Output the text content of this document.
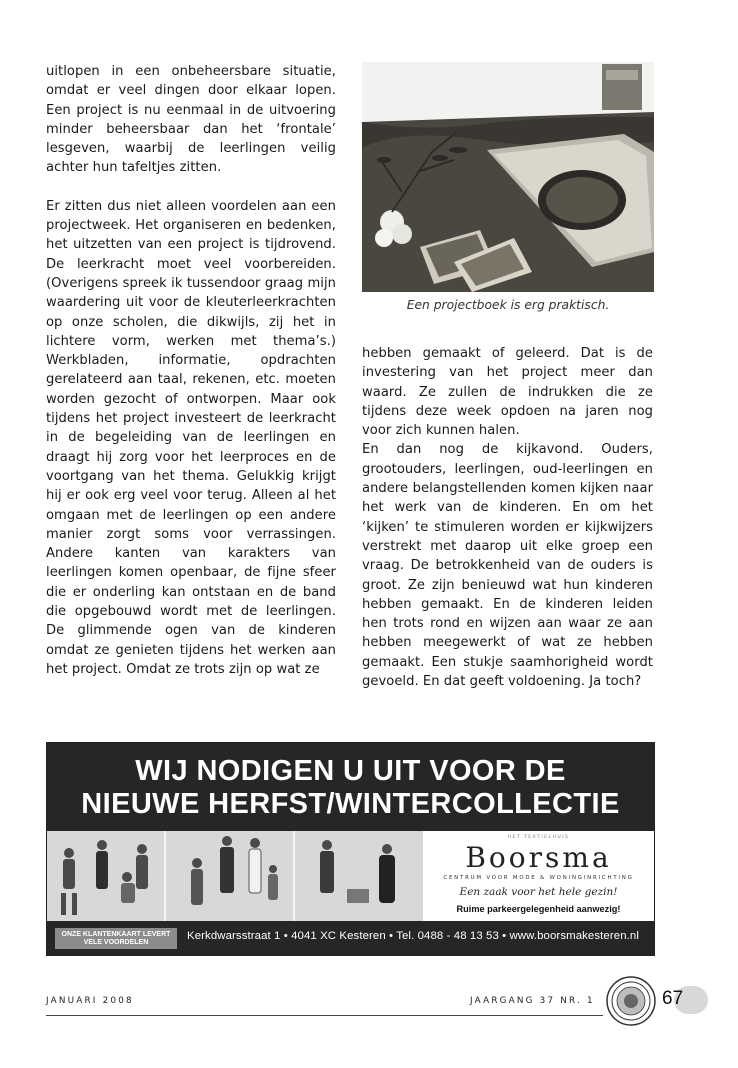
uitlopen in een onbeheersbare situatie, omdat er veel dingen door elkaar lopen. Een project is nu eenmaal in de uitvoering minder beheersbaar dan het ‘frontale’ lesgeven, waarbij de leerlingen veilig achter hun tafeltjes zitten.

Er zitten dus niet alleen voordelen aan een projectweek. Het organiseren en bedenken, het uitzetten van een project is tijdrovend. De leerkracht moet veel voorbereiden. (Overigens spreek ik tussendoor graag mijn waardering uit voor de kleuterleerkrachten op onze scholen, die dikwijls, zij het in lichtere vorm, werken met thema’s.) Werkbladen, informatie, opdrachten gerelateerd aan taal, rekenen, etc. moeten worden gezocht of ontworpen. Maar ook tijdens het project investeert de leerkracht in de begeleiding van de leerlingen en draagt hij zorg voor het leerproces en de voortgang van het thema. Gelukkig krijgt hij er ook erg veel voor terug. Alleen al het omgaan met de leerlingen op een andere manier zorgt soms voor verrassingen. Andere kanten van karakters van leerlingen komen openbaar, de fijne sfeer die er onderling kan ontstaan en de band die opgebouwd wordt met de leerlingen. De glimmende ogen van de kinderen omdat ze genieten tijdens het werken aan het project. Omdat ze trots zijn op wat ze

Een projectboek is erg praktisch.

hebben gemaakt of geleerd. Dat is de investering van het project meer dan waard. Ze zullen de indrukken die ze tijdens deze week opdoen na jaren nog voor zich kunnen halen.

En dan nog de kijkavond. Ouders, grootouders, leerlingen, oud-leerlingen en andere belangstellenden komen kijken naar het werk van de kinderen. En om het ‘kijken’ te stimuleren worden er kijkwijzers verstrekt met daarop uit elke groep een vraag. De betrokkenheid van de ouders is groot. Ze zijn benieuwd wat hun kinderen hebben gemaakt. En de kinderen leiden hen trots rond en wijzen aan waar ze aan hebben meegewerkt of wat ze hebben gemaakt. Een stukje saamhorigheid wordt gevoeld. En dat geeft voldoening. Ja toch?

WIJ NODIGEN U UIT VOOR DE
NIEUWE HERFST/WINTERCOLLECTIE
HET TEXTIELHUIS
Boorsma
CENTRUM VOOR MODE & WONINGINRICHTING
Een zaak voor het hele gezin!
Ruime parkeergelegenheid aanwezig!
ONZE KLANTENKAART LEVERT VELE VOORDELEN
Kerkdwarsstraat 1 • 4041 XC Kesteren • Tel. 0488 - 48 13 53 • www.boorsmakesteren.nl
JANUARI 2008	JAARGANG 37 NR. 1	67
